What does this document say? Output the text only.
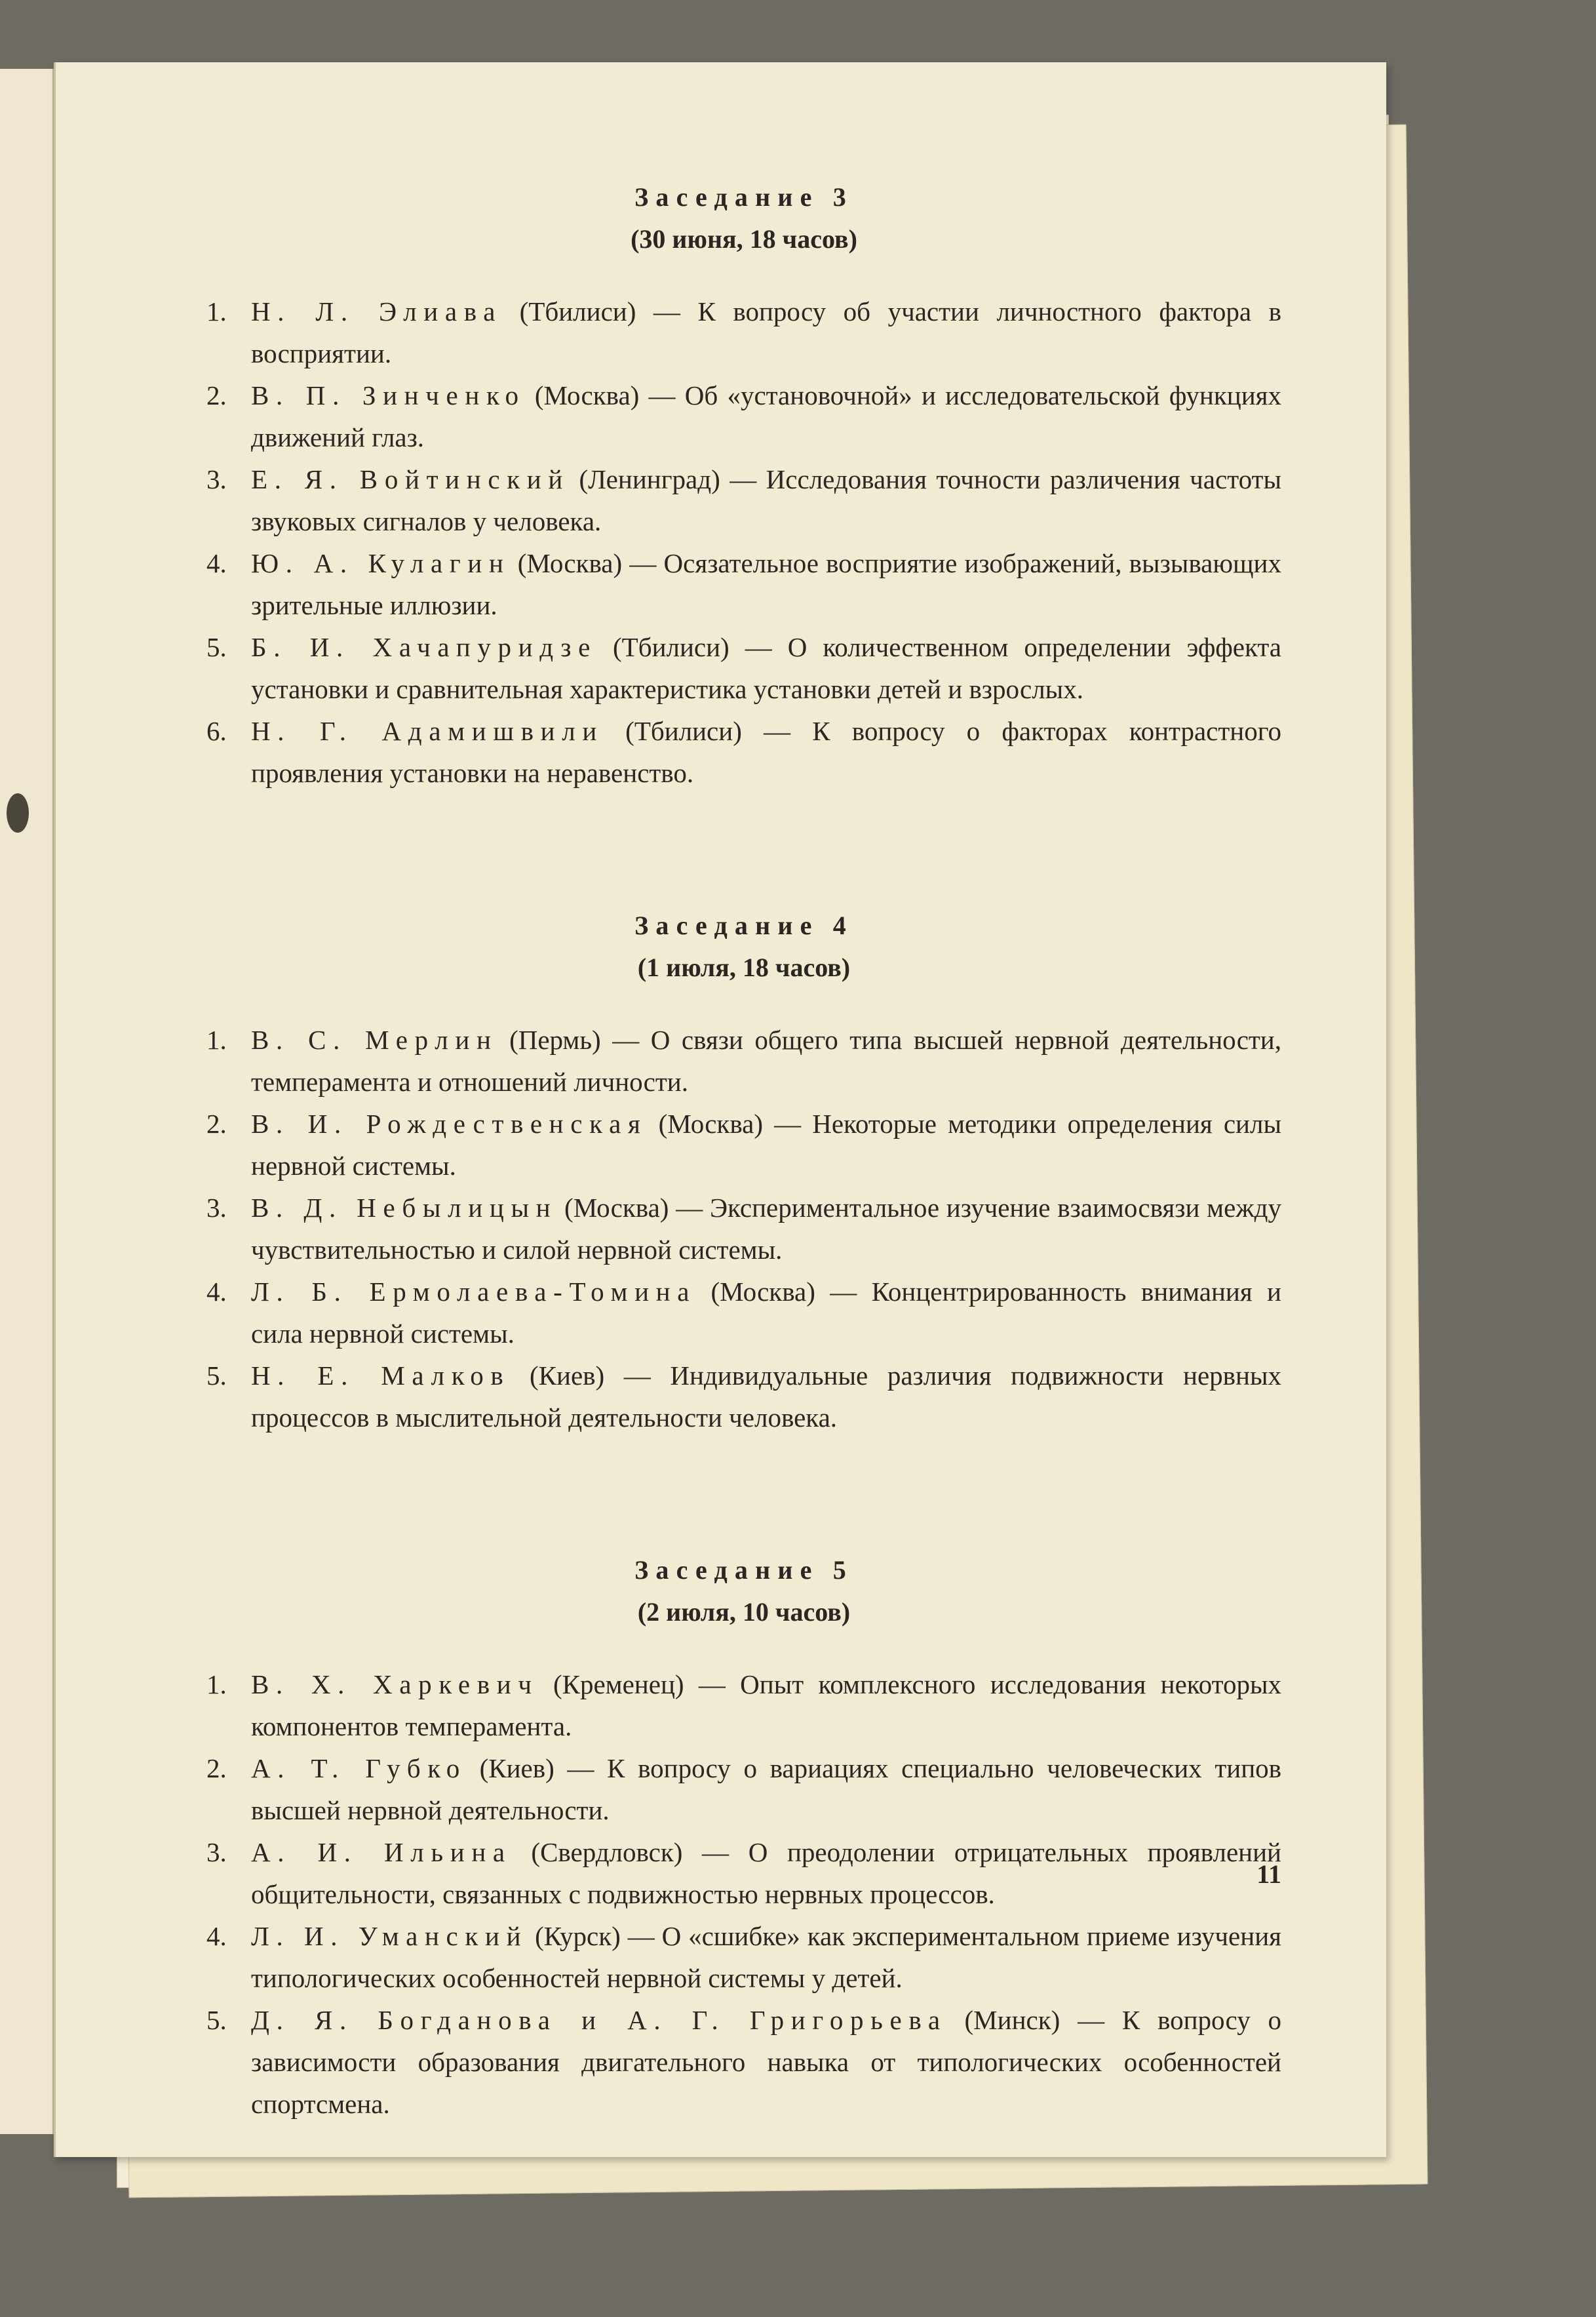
Заседание 3
(30 июня, 18 часов)
1. Н. Л. Элиава (Тбилиси) — К вопросу об участии личностного фактора в восприятии.
2. В. П. Зинченко (Москва) — Об «установочной» и исследовательской функциях движений глаз.
3. Е. Я. Войтинский (Ленинград) — Исследования точности различения частоты звуковых сигналов у человека.
4. Ю. А. Кулагин (Москва) — Осязательное восприятие изображений, вызывающих зрительные иллюзии.
5. Б. И. Хачапуридзе (Тбилиси) — О количественном определении эффекта установки и сравнительная характеристика установки детей и взрослых.
6. Н. Г. Адамишвили (Тбилиси) — К вопросу о факторах контрастного проявления установки на неравенство.
Заседание 4
(1 июля, 18 часов)
1. В. С. Мерлин (Пермь) — О связи общего типа высшей нервной деятельности, темперамента и отношений личности.
2. В. И. Рождественская (Москва) — Некоторые методики определения силы нервной системы.
3. В. Д. Небылицын (Москва) — Экспериментальное изучение взаимосвязи между чувствительностью и силой нервной системы.
4. Л. Б. Ермолаева-Томина (Москва) — Концентрированность внимания и сила нервной системы.
5. Н. Е. Малков (Киев) — Индивидуальные различия подвижности нервных процессов в мыслительной деятельности человека.
Заседание 5
(2 июля, 10 часов)
1. В. Х. Харкевич (Кременец) — Опыт комплексного исследования некоторых компонентов темперамента.
2. А. Т. Губко (Киев) — К вопросу о вариациях специально человеческих типов высшей нервной деятельности.
3. А. И. Ильина (Свердловск) — О преодолении отрицательных проявлений общительности, связанных с подвижностью нервных процессов.
4. Л. И. Уманский (Курск) — О «сшибке» как экспериментальном приеме изучения типологических особенностей нервной системы у детей.
5. Д. Я. Богданова и А. Г. Григорьева (Минск) — К вопросу о зависимости образования двигательного навыка от типологических особенностей спортсмена.
11
